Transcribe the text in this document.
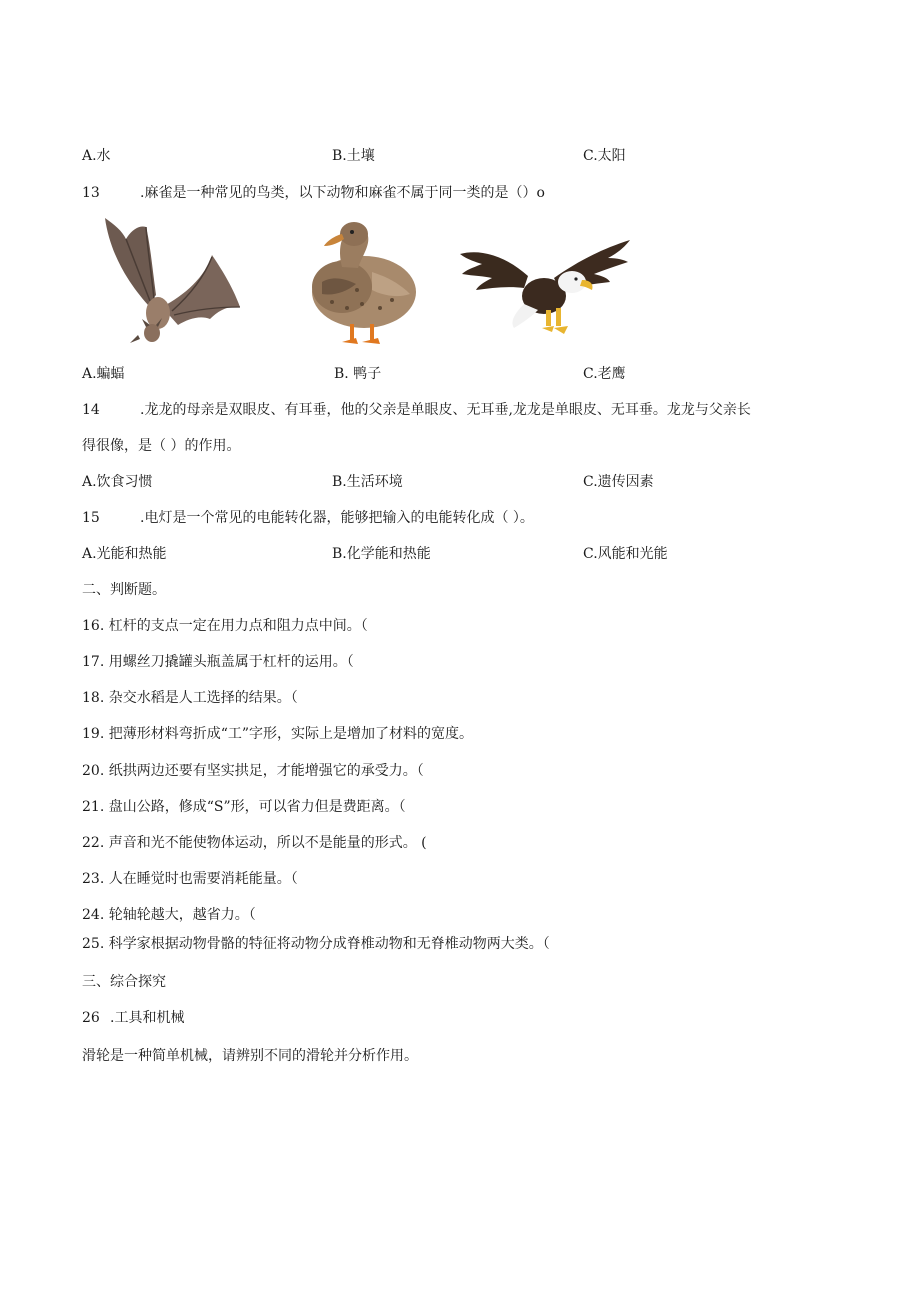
A.水	B.土壤	C.太阳
13	.麻雀是一种常见的鸟类，以下动物和麻雀不属于同一类的是（）o
A.蝙蝠	B. 鸭子	C.老鹰
14	.龙龙的母亲是双眼皮、有耳垂，他的父亲是单眼皮、无耳垂,龙龙是单眼皮、无耳垂。龙龙与父亲长
得很像，是（ ）的作用。
A.饮食习惯	B.生活环境	C.遗传因素
15	.电灯是一个常见的电能转化器，能够把输入的电能转化成（ ）。
A.光能和热能	B.化学能和热能	C.风能和光能
二、判断题。
16. 杠杆的支点一定在用力点和阻力点中间。（
17. 用螺丝刀撬罐头瓶盖属于杠杆的运用。（
18. 杂交水稻是人工选择的结果。（
19. 把薄形材料弯折成“工”字形，实际上是增加了材料的宽度。
20. 纸拱两边还要有坚实拱足，才能增强它的承受力。（
21. 盘山公路，修成“S”形，可以省力但是费距离。（
22. 声音和光不能使物体运动，所以不是能量的形式。 (
23. 人在睡觉时也需要消耗能量。（
24. 轮轴轮越大，越省力。（
25. 科学家根据动物骨骼的特征将动物分成脊椎动物和无脊椎动物两大类。（
三、综合探究
26 .工具和机械
滑轮是一种简单机械，请辨别不同的滑轮并分析作用。
